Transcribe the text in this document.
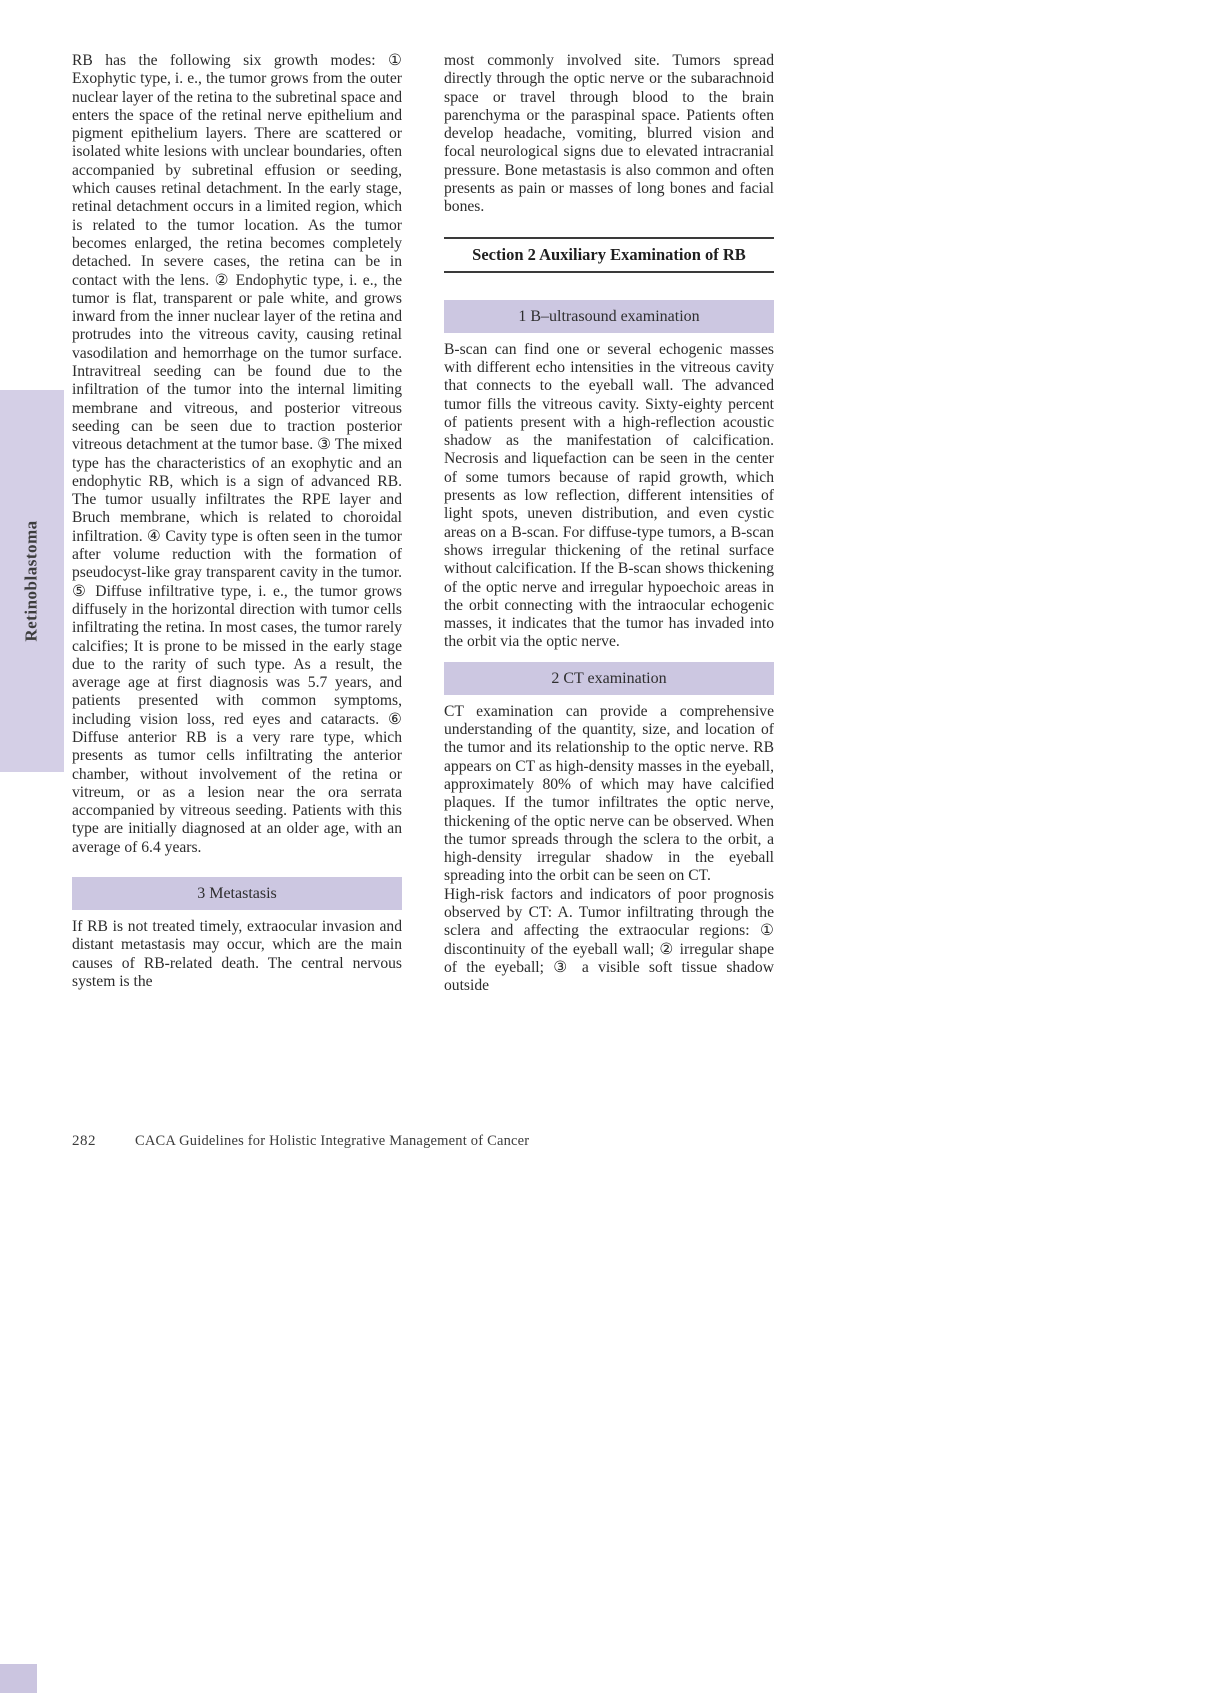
Retinoblastoma

RB has the following six growth modes: ① Exophytic type, i. e., the tumor grows from the outer nuclear layer of the retina to the subretinal space and enters the space of the retinal nerve epithelium and pigment epithelium layers. There are scattered or isolated white lesions with unclear boundaries, often accompanied by subretinal effusion or seeding, which causes retinal detachment. In the early stage, retinal detachment occurs in a limited region, which is related to the tumor location. As the tumor becomes enlarged, the retina becomes completely detached. In severe cases, the retina can be in contact with the lens. ② Endophytic type, i. e., the tumor is flat, transparent or pale white, and grows inward from the inner nuclear layer of the retina and protrudes into the vitreous cavity, causing retinal vasodilation and hemorrhage on the tumor surface. Intravitreal seeding can be found due to the infiltration of the tumor into the internal limiting membrane and vitreous, and posterior vitreous seeding can be seen due to traction posterior vitreous detachment at the tumor base. ③ The mixed type has the characteristics of an exophytic and an endophytic RB, which is a sign of advanced RB. The tumor usually infiltrates the RPE layer and Bruch membrane, which is related to choroidal infiltration. ④ Cavity type is often seen in the tumor after volume reduction with the formation of pseudocyst-like gray transparent cavity in the tumor. ⑤ Diffuse infiltrative type, i. e., the tumor grows diffusely in the horizontal direction with tumor cells infiltrating the retina. In most cases, the tumor rarely calcifies; It is prone to be missed in the early stage due to the rarity of such type. As a result, the average age at first diagnosis was 5.7 years, and patients presented with common symptoms, including vision loss, red eyes and cataracts. ⑥ Diffuse anterior RB is a very rare type, which presents as tumor cells infiltrating the anterior chamber, without involvement of the retina or vitreum, or as a lesion near the ora serrata accompanied by vitreous seeding. Patients with this type are initially diagnosed at an older age, with an average of 6.4 years.

3 Metastasis

If RB is not treated timely, extraocular invasion and distant metastasis may occur, which are the main causes of RB-related death. The central nervous system is the

most commonly involved site. Tumors spread directly through the optic nerve or the subarachnoid space or travel through blood to the brain parenchyma or the paraspinal space. Patients often develop headache, vomiting, blurred vision and focal neurological signs due to elevated intracranial pressure. Bone metastasis is also common and often presents as pain or masses of long bones and facial bones.

Section 2 Auxiliary Examination of RB
1 B–ultrasound examination

B-scan can find one or several echogenic masses with different echo intensities in the vitreous cavity that connects to the eyeball wall. The advanced tumor fills the vitreous cavity. Sixty-eighty percent of patients present with a high-reflection acoustic shadow as the manifestation of calcification. Necrosis and liquefaction can be seen in the center of some tumors because of rapid growth, which presents as low reflection, different intensities of light spots, uneven distribution, and even cystic areas on a B-scan. For diffuse-type tumors, a B-scan shows irregular thickening of the retinal surface without calcification. If the B-scan shows thickening of the optic nerve and irregular hypoechoic areas in the orbit connecting with the intraocular echogenic masses, it indicates that the tumor has invaded into the orbit via the optic nerve.

2 CT examination

CT examination can provide a comprehensive understanding of the quantity, size, and location of the tumor and its relationship to the optic nerve. RB appears on CT as high-density masses in the eyeball, approximately 80% of which may have calcified plaques. If the tumor infiltrates the optic nerve, thickening of the optic nerve can be observed. When the tumor spreads through the sclera to the orbit, a high-density irregular shadow in the eyeball spreading into the orbit can be seen on CT.

High-risk factors and indicators of poor prognosis observed by CT: A. Tumor infiltrating through the sclera and affecting the extraocular regions: ① discontinuity of the eyeball wall; ② irregular shape of the eyeball; ③ a visible soft tissue shadow outside

282	CACA Guidelines for Holistic Integrative Management of Cancer
